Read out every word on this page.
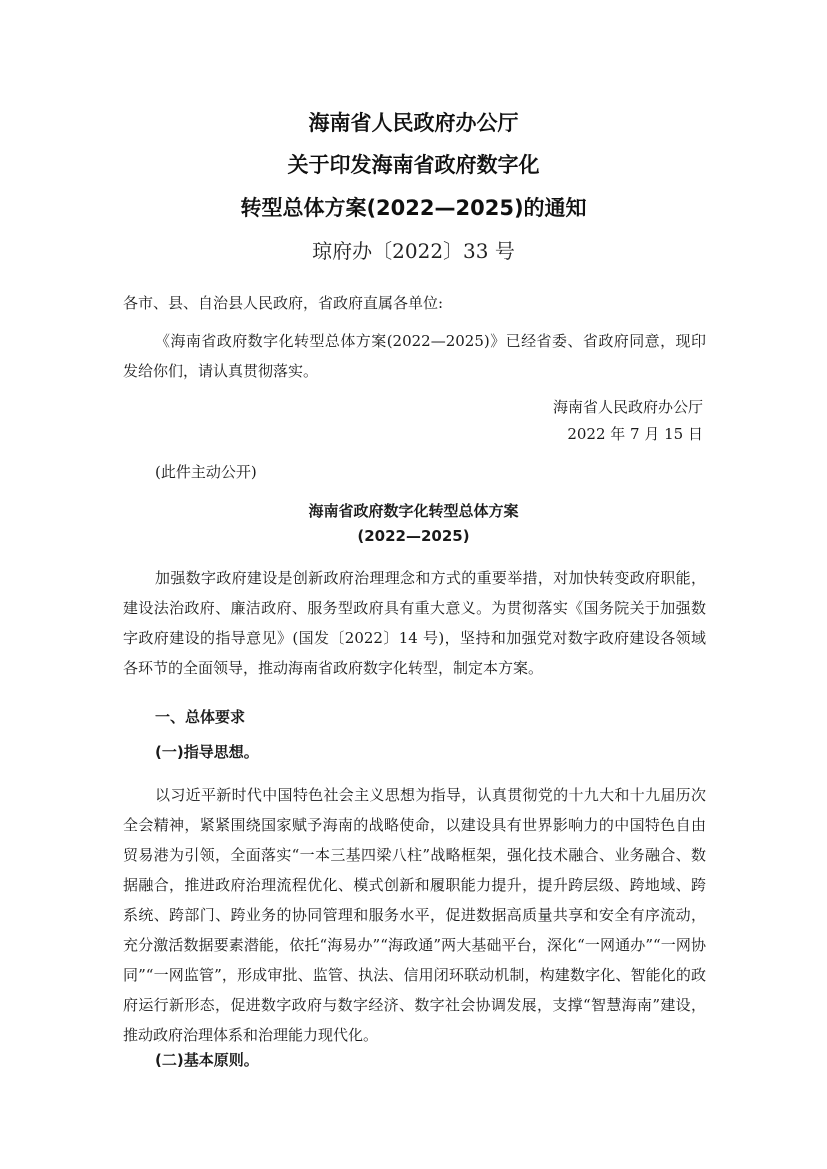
海南省人民政府办公厅
关于印发海南省政府数字化
转型总体方案(2022—2025)的通知
琼府办〔2022〕33 号
各市、县、自治县人民政府，省政府直属各单位:
《海南省政府数字化转型总体方案(2022—2025)》已经省委、省政府同意，现印发给你们，请认真贯彻落实。
海南省人民政府办公厅
2022 年 7 月 15 日
(此件主动公开)
海南省政府数字化转型总体方案
(2022—2025)
加强数字政府建设是创新政府治理理念和方式的重要举措，对加快转变政府职能，建设法治政府、廉洁政府、服务型政府具有重大意义。为贯彻落实《国务院关于加强数字政府建设的指导意见》(国发〔2022〕14 号)，坚持和加强党对数字政府建设各领域各环节的全面领导，推动海南省政府数字化转型，制定本方案。
一、总体要求
(一)指导思想。
以习近平新时代中国特色社会主义思想为指导，认真贯彻党的十九大和十九届历次全会精神，紧紧围绕国家赋予海南的战略使命，以建设具有世界影响力的中国特色自由贸易港为引领，全面落实“一本三基四梁八柱”战略框架，强化技术融合、业务融合、数据融合，推进政府治理流程优化、模式创新和履职能力提升，提升跨层级、跨地域、跨系统、跨部门、跨业务的协同管理和服务水平，促进数据高质量共享和安全有序流动，充分激活数据要素潜能，依托“海易办”“海政通”两大基础平台，深化“一网通办”“一网协同”“一网监管”，形成审批、监管、执法、信用闭环联动机制，构建数字化、智能化的政府运行新形态，促进数字政府与数字经济、数字社会协调发展，支撑“智慧海南”建设，推动政府治理体系和治理能力现代化。
(二)基本原则。
